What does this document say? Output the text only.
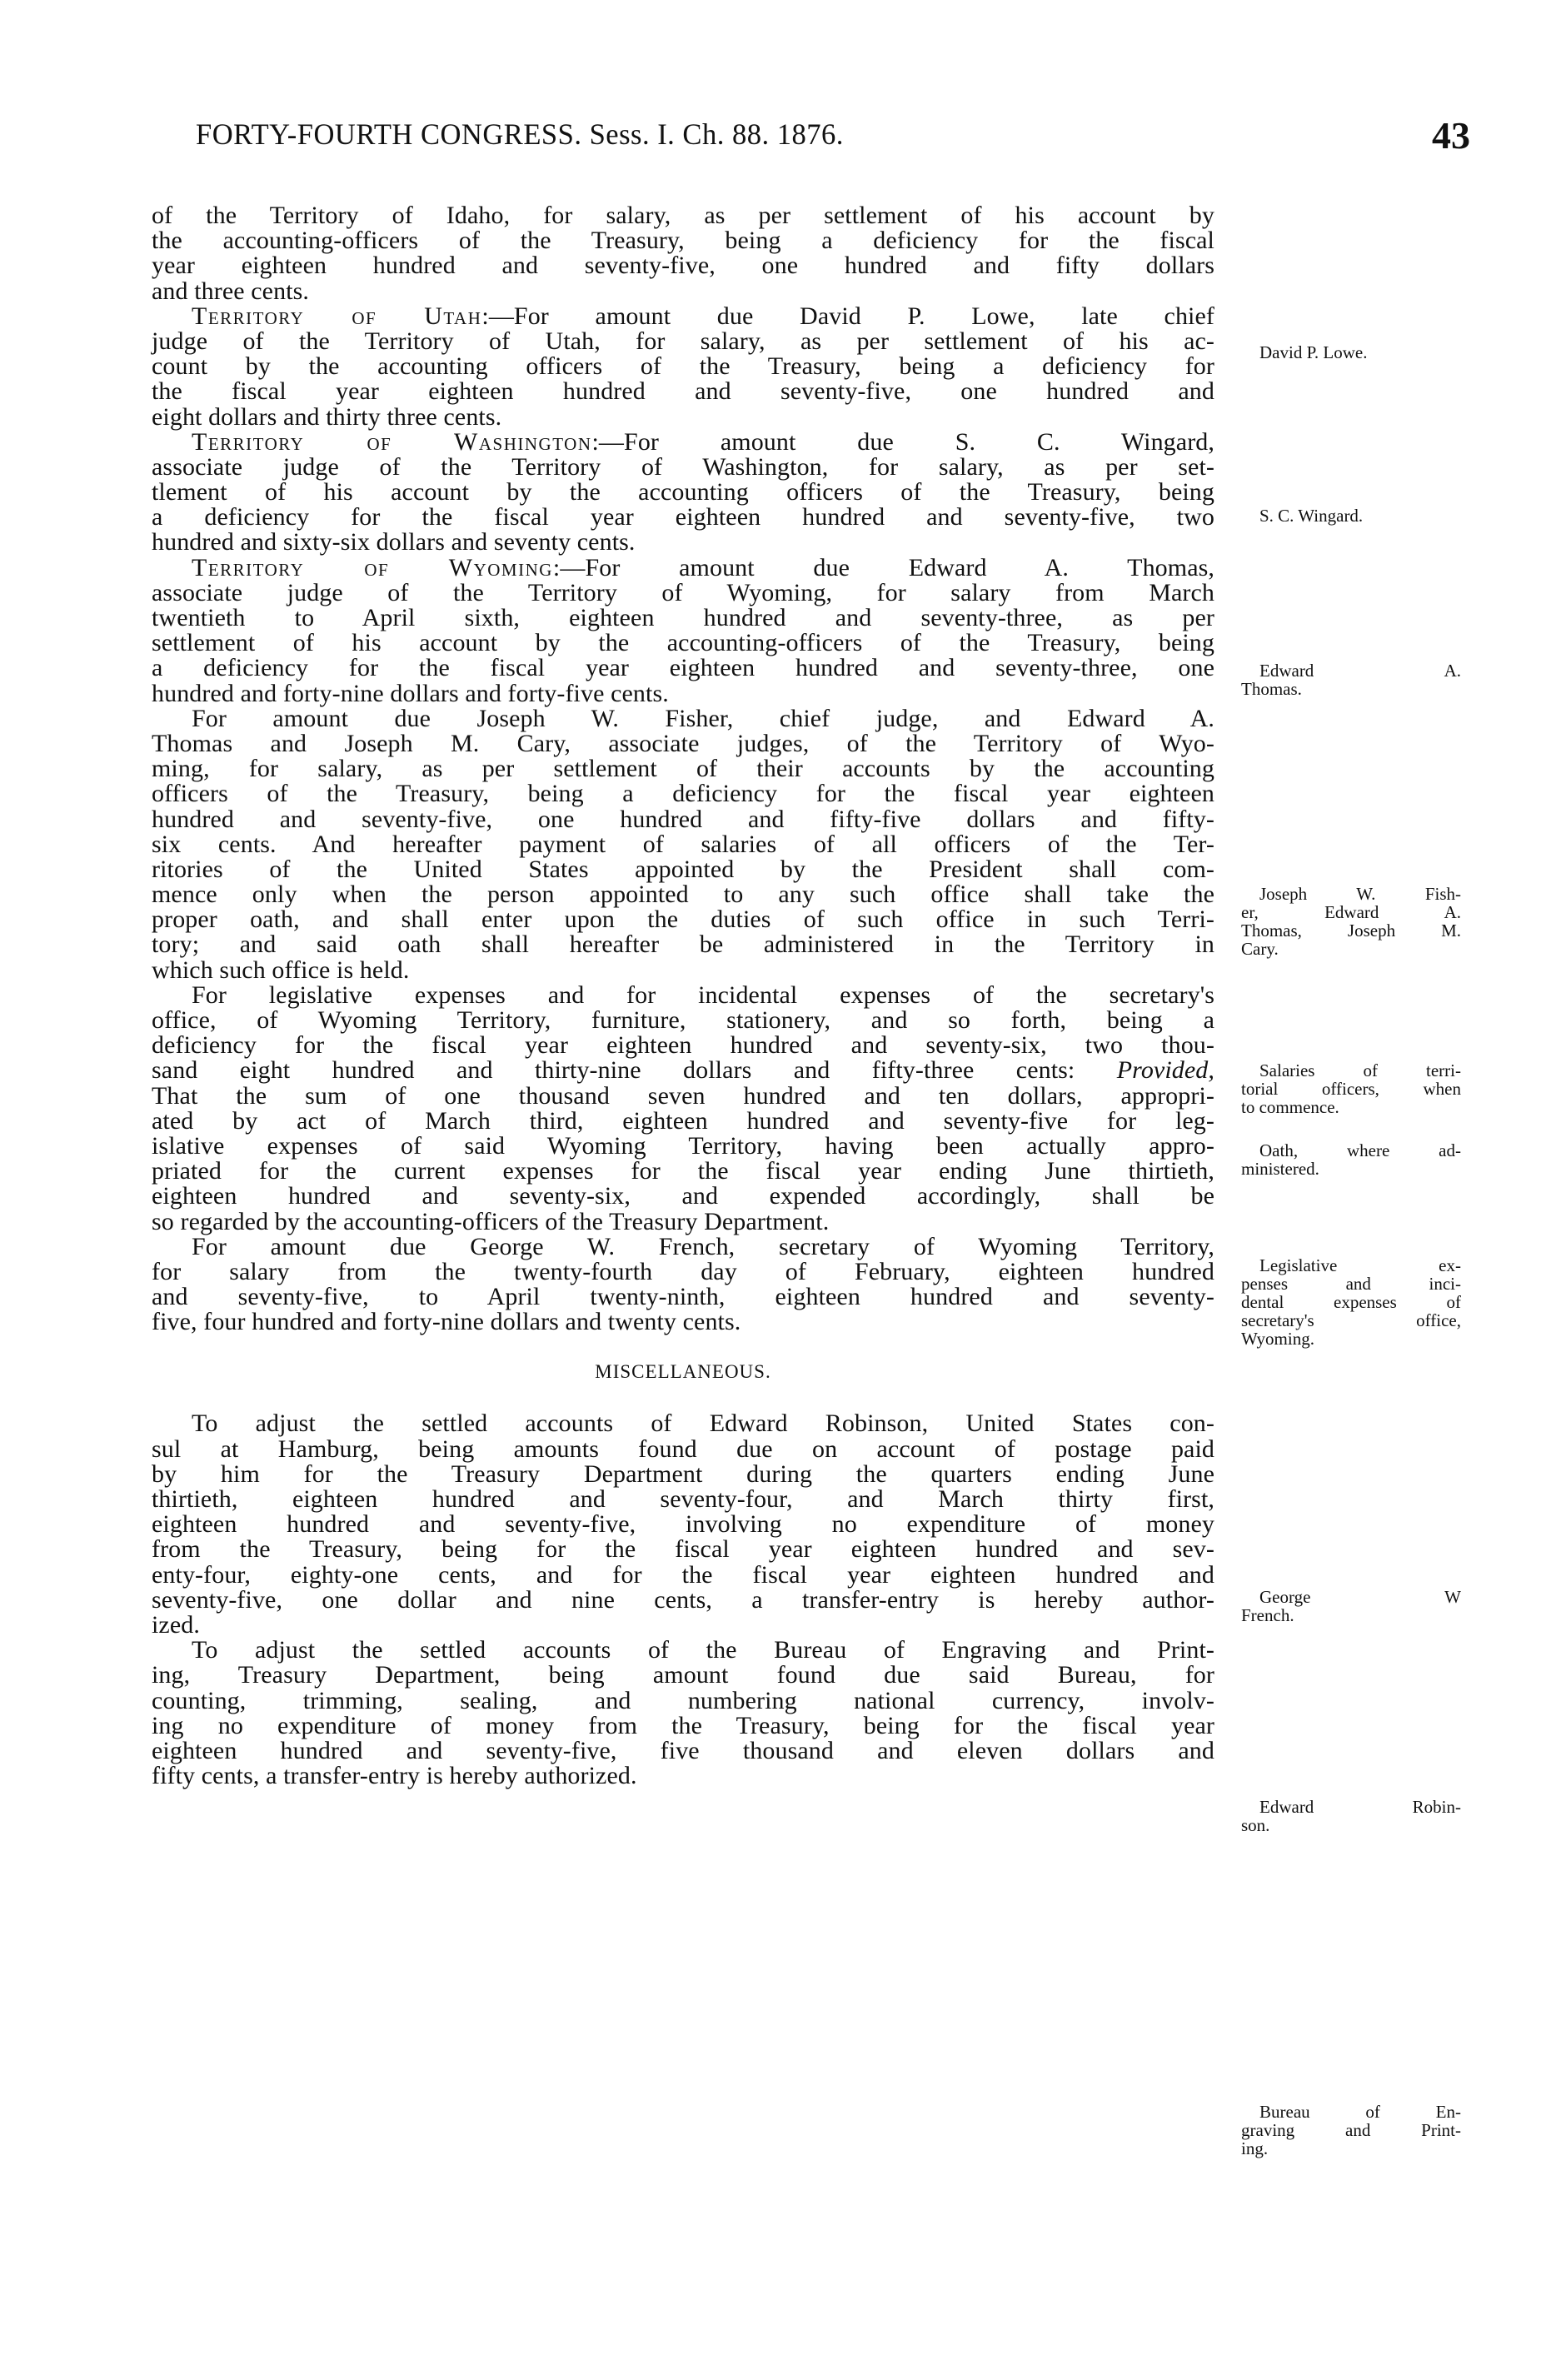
FORTY-FOURTH CONGRESS. Sess. I. Ch. 88. 1876.	43
of the Territory of Idaho, for salary, as per settlement of his account by
the accounting-officers of the Treasury, being a deficiency for the fiscal
year eighteen hundred and seventy-five, one hundred and fifty dollars
and three cents.
Territory of Utah:—For amount due David P. Lowe, late chief
judge of the Territory of Utah, for salary, as per settlement of his ac-
count by the accounting officers of the Treasury, being a deficiency for
the fiscal year eighteen hundred and seventy-five, one hundred and
eight dollars and thirty three cents.
Territory of Washington:—For amount due S. C. Wingard,
associate judge of the Territory of Washington, for salary, as per set-
tlement of his account by the accounting officers of the Treasury, being
a deficiency for the fiscal year eighteen hundred and seventy-five, two
hundred and sixty-six dollars and seventy cents.
Territory of Wyoming:—For amount due Edward A. Thomas,
associate judge of the Territory of Wyoming, for salary from March
twentieth to April sixth, eighteen hundred and seventy-three, as per
settlement of his account by the accounting-officers of the Treasury, being
a deficiency for the fiscal year eighteen hundred and seventy-three, one
hundred and forty-nine dollars and forty-five cents.
For amount due Joseph W. Fisher, chief judge, and Edward A.
Thomas and Joseph M. Cary, associate judges, of the Territory of Wyo-
ming, for salary, as per settlement of their accounts by the accounting
officers of the Treasury, being a deficiency for the fiscal year eighteen
hundred and seventy-five, one hundred and fifty-five dollars and fifty-
six cents. And hereafter payment of salaries of all officers of the Ter-
ritories of the United States appointed by the President shall com-
mence only when the person appointed to any such office shall take the
proper oath, and shall enter upon the duties of such office in such Terri-
tory; and said oath shall hereafter be administered in the Territory in
which such office is held.
For legislative expenses and for incidental expenses of the secretary's
office, of Wyoming Territory, furniture, stationery, and so forth, being a
deficiency for the fiscal year eighteen hundred and seventy-six, two thou-
sand eight hundred and thirty-nine dollars and fifty-three cents: Provided,
That the sum of one thousand seven hundred and ten dollars, appropri-
ated by act of March third, eighteen hundred and seventy-five for leg-
islative expenses of said Wyoming Territory, having been actually appro-
priated for the current expenses for the fiscal year ending June thirtieth,
eighteen hundred and seventy-six, and expended accordingly, shall be
so regarded by the accounting-officers of the Treasury Department.
For amount due George W. French, secretary of Wyoming Territory,
for salary from the twenty-fourth day of February, eighteen hundred
and seventy-five, to April twenty-ninth, eighteen hundred and seventy-
five, four hundred and forty-nine dollars and twenty cents.
MISCELLANEOUS.
To adjust the settled accounts of Edward Robinson, United States con-
sul at Hamburg, being amounts found due on account of postage paid
by him for the Treasury Department during the quarters ending June
thirtieth, eighteen hundred and seventy-four, and March thirty first,
eighteen hundred and seventy-five, involving no expenditure of money
from the Treasury, being for the fiscal year eighteen hundred and sev-
enty-four, eighty-one cents, and for the fiscal year eighteen hundred and
seventy-five, one dollar and nine cents, a transfer-entry is hereby author-
ized.
To adjust the settled accounts of the Bureau of Engraving and Print-
ing, Treasury Department, being amount found due said Bureau, for
counting, trimming, sealing, and numbering national currency, involv-
ing no expenditure of money from the Treasury, being for the fiscal year
eighteen hundred and seventy-five, five thousand and eleven dollars and
fifty cents, a transfer-entry is hereby authorized.
David P. Lowe.
S. C. Wingard.
Edward A.
Thomas.
Joseph W. Fish-
er, Edward A.
Thomas, Joseph M.
Cary.
Salaries of terri-
torial officers, when
to commence.
Oath, where ad-
ministered.
Legislative ex-
penses and inci-
dental expenses of
secretary's office,
Wyoming.
George W
French.
Edward Robin-
son.
Bureau of En-
graving and Print-
ing.
